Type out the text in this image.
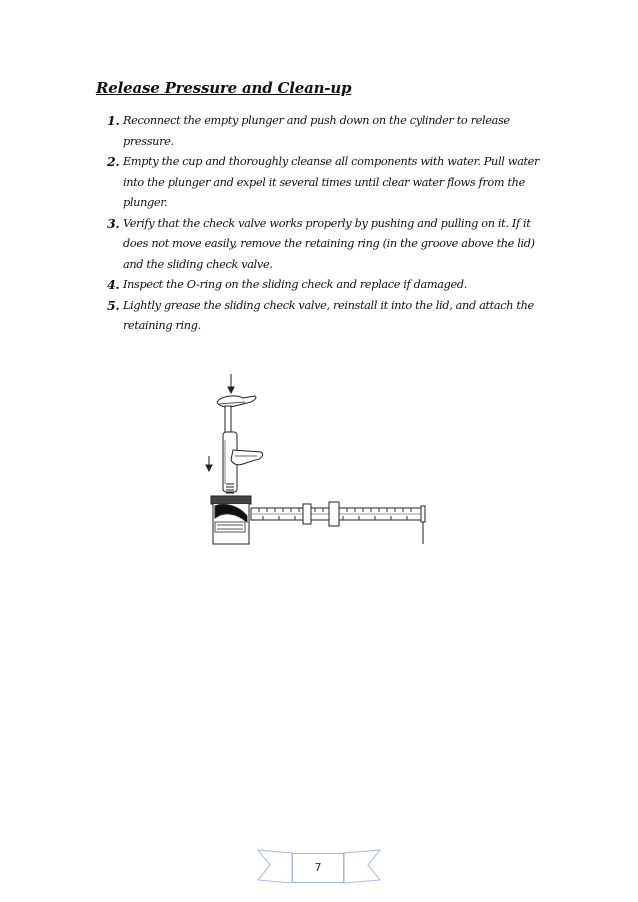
Release Pressure and Clean-up
1. Reconnect the empty plunger and push down on the cylinder to release pressure.
2. Empty the cup and thoroughly cleanse all components with water. Pull water into the plunger and expel it several times until clear water flows from the plunger.
3. Verify that the check valve works properly by pushing and pulling on it. If it does not move easily, remove the retaining ring (in the groove above the lid) and the sliding check valve.
4. Inspect the O-ring on the sliding check and replace if damaged.
5. Lightly grease the sliding check valve, reinstall it into the lid, and attach the retaining ring.
7
